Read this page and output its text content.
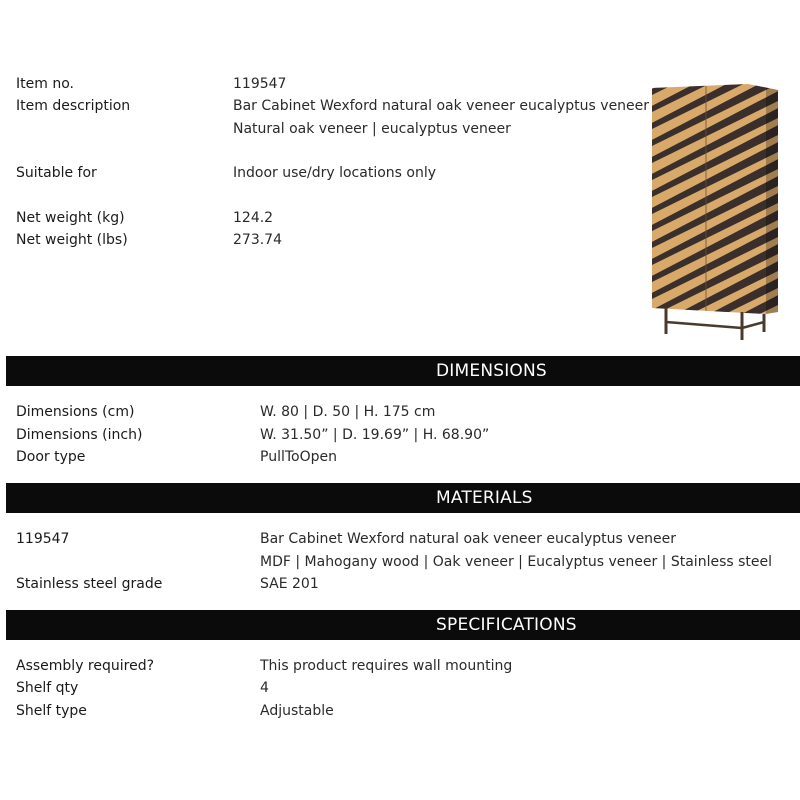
Item no.	119547
Item description	Bar Cabinet Wexford natural oak veneer eucalyptus veneer
Natural oak veneer | eucalyptus veneer
Suitable for	Indoor use/dry locations only
Net weight (kg)	124.2
Net weight (lbs)	273.74
DIMENSIONS
Dimensions (cm)	W. 80 | D. 50 | H. 175 cm
Dimensions (inch)	W. 31.50” | D. 19.69” | H. 68.90”
Door type	PullToOpen
MATERIALS
119547	Bar Cabinet Wexford natural oak veneer eucalyptus veneer
MDF | Mahogany wood | Oak veneer | Eucalyptus veneer | Stainless steel
Stainless steel grade	SAE 201
SPECIFICATIONS
Assembly required?	This product requires wall mounting
Shelf qty	4
Shelf type	Adjustable
